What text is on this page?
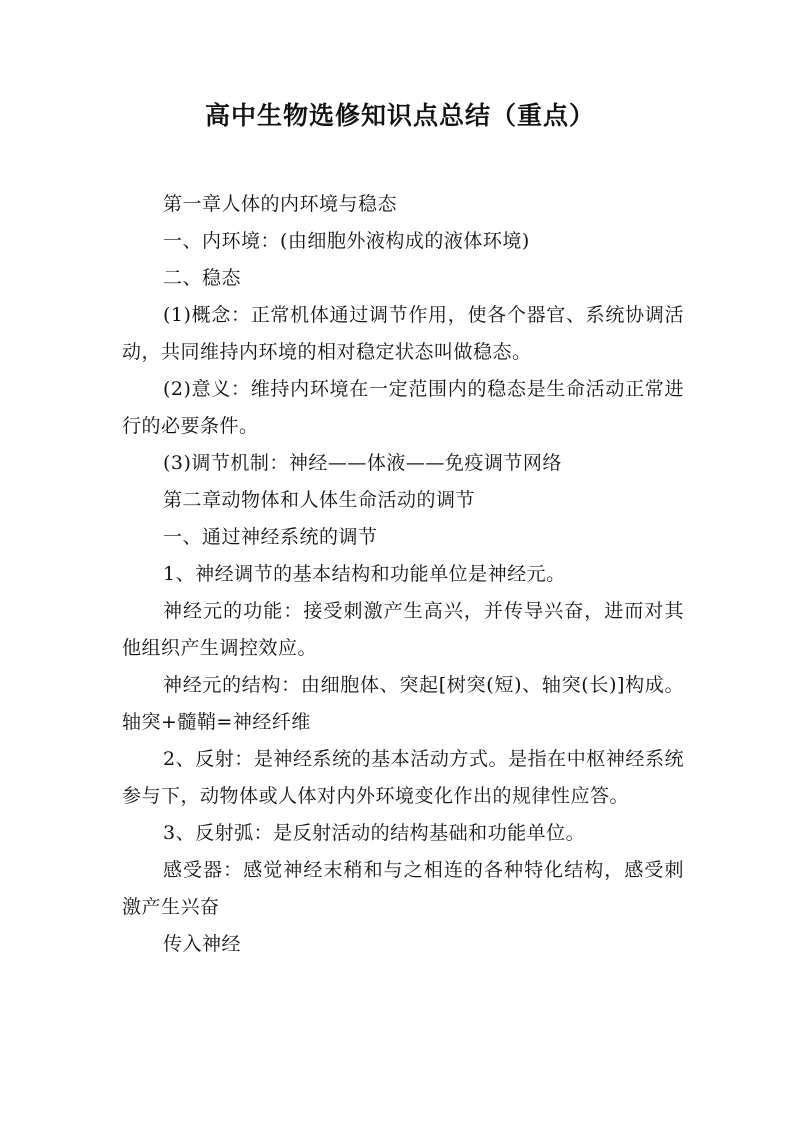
高中生物选修知识点总结（重点）

第一章人体的内环境与稳态

一、内环境：(由细胞外液构成的液体环境)

二、稳态

(1)概念：正常机体通过调节作用，使各个器官、系统协调活动，共同维持内环境的相对稳定状态叫做稳态。

(2)意义：维持内环境在一定范围内的稳态是生命活动正常进行的必要条件。

(3)调节机制：神经——体液——免疫调节网络

第二章动物体和人体生命活动的调节

一、通过神经系统的调节

1、神经调节的基本结构和功能单位是神经元。

神经元的功能：接受刺激产生高兴，并传导兴奋，进而对其他组织产生调控效应。

神经元的结构：由细胞体、突起[树突(短)、轴突(长)]构成。轴突+髓鞘=神经纤维

2、反射：是神经系统的基本活动方式。是指在中枢神经系统参与下，动物体或人体对内外环境变化作出的规律性应答。

3、反射弧：是反射活动的结构基础和功能单位。

感受器：感觉神经末稍和与之相连的各种特化结构，感受刺激产生兴奋

传入神经
